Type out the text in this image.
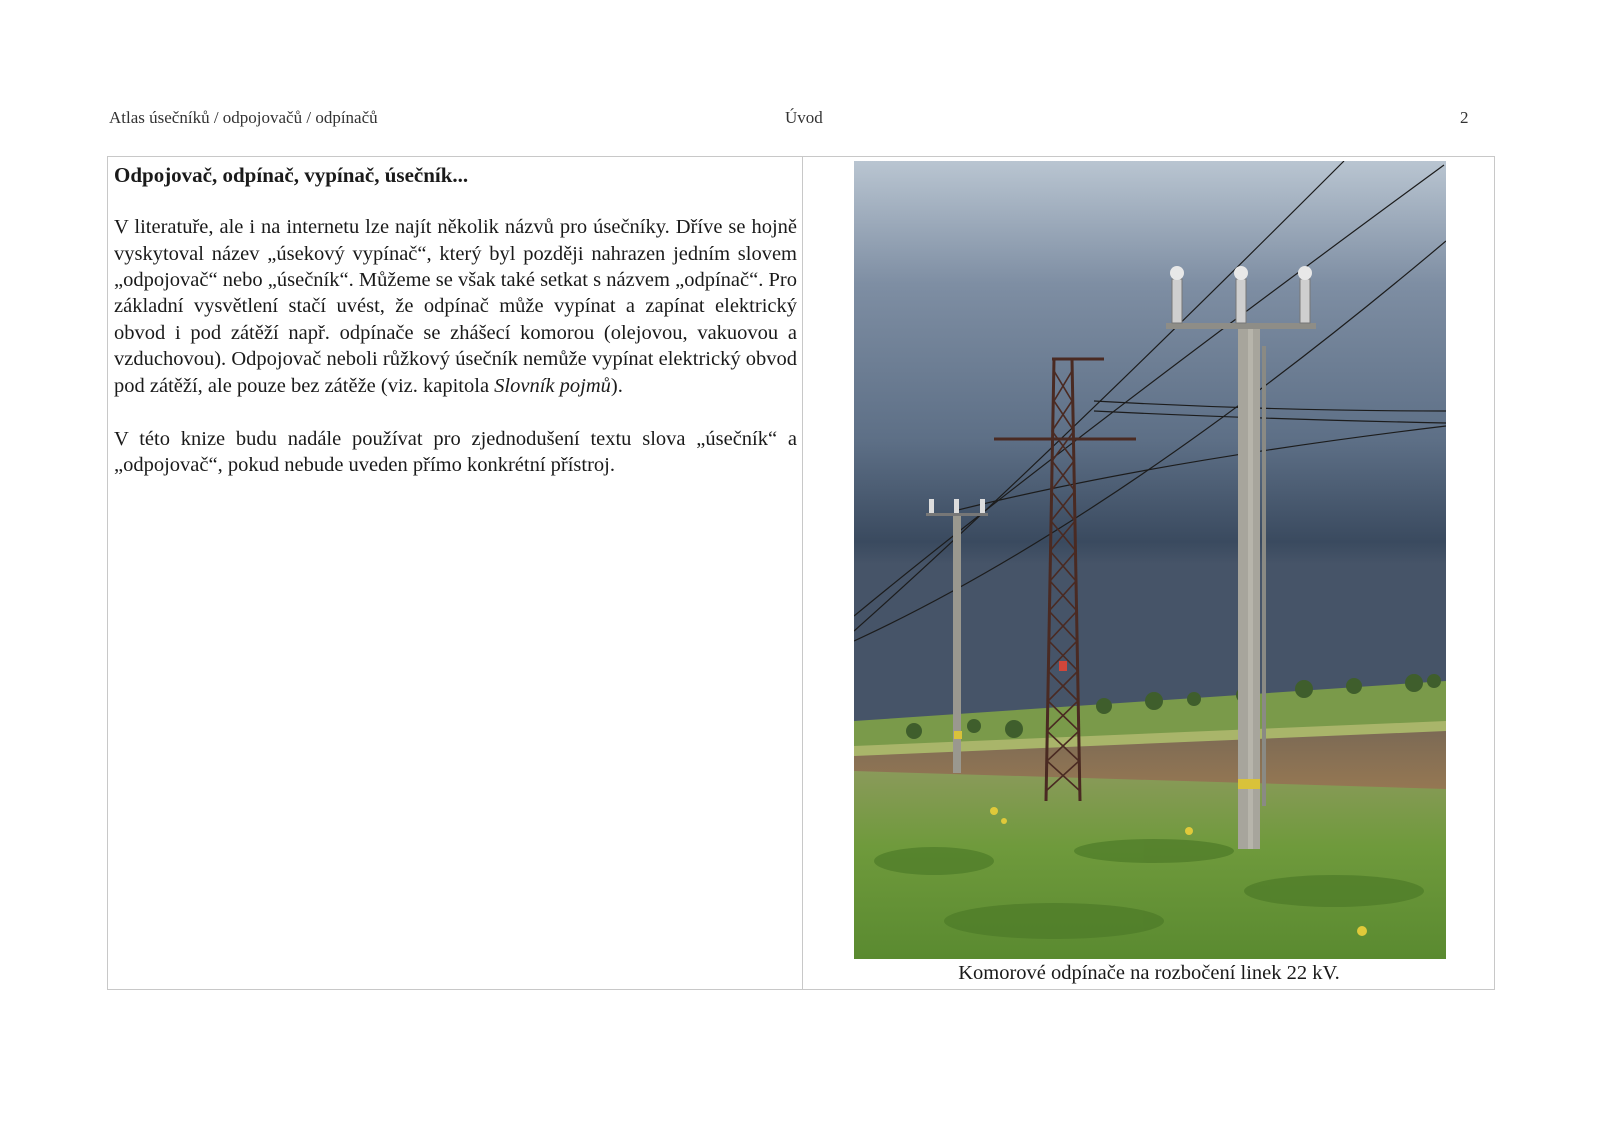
Atlas úsečníků / odpojovačů / odpínačů	Úvod	2
Odpojovač, odpínač, vypínač, úsečník...

V literatuře, ale i na internetu lze najít několik názvů pro úsečníky. Dříve se hojně vyskytoval název „úsekový vypínač“, který byl později nahrazen jedním slovem „odpojovač“ nebo „úsečník“. Můžeme se však také setkat s názvem „odpínač“. Pro základní vysvětlení stačí uvést, že odpínač může vypínat a zapínat elektrický obvod i pod zátěží např. odpínače se zhášecí komorou (olejovou, vakuovou a vzduchovou). Odpojovač neboli růžkový úsečník nemůže vypínat elektrický obvod pod zátěží, ale pouze bez zátěže (viz. kapitola Slovník pojmů).

V této knize budu nadále používat pro zjednodušení textu slova „úsečník“ a „odpojovač“, pokud nebude uveden přímo konkrétní přístroj.

Komorové odpínače na rozbočení linek 22 kV.
